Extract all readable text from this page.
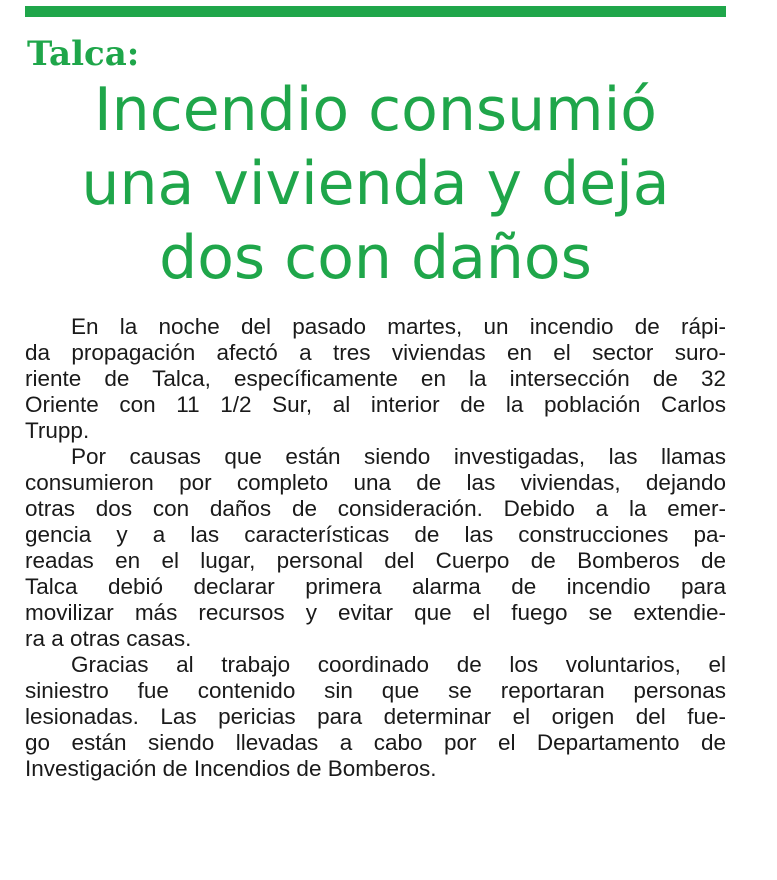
Talca:
Incendio consumió
una vivienda y deja
dos con daños

En la noche del pasado martes, un incendio de rápi-
da propagación afectó a tres viviendas en el sector suro-
riente de Talca, específicamente en la intersección de 32
Oriente con 11 1/2 Sur, al interior de la población Carlos
Trupp.

Por causas que están siendo investigadas, las llamas
consumieron por completo una de las viviendas, dejando
otras dos con daños de consideración. Debido a la emer-
gencia y a las características de las construcciones pa-
readas en el lugar, personal del Cuerpo de Bomberos de
Talca debió declarar primera alarma de incendio para
movilizar más recursos y evitar que el fuego se extendie-
ra a otras casas.

Gracias al trabajo coordinado de los voluntarios, el
siniestro fue contenido sin que se reportaran personas
lesionadas. Las pericias para determinar el origen del fue-
go están siendo llevadas a cabo por el Departamento de
Investigación de Incendios de Bomberos.
